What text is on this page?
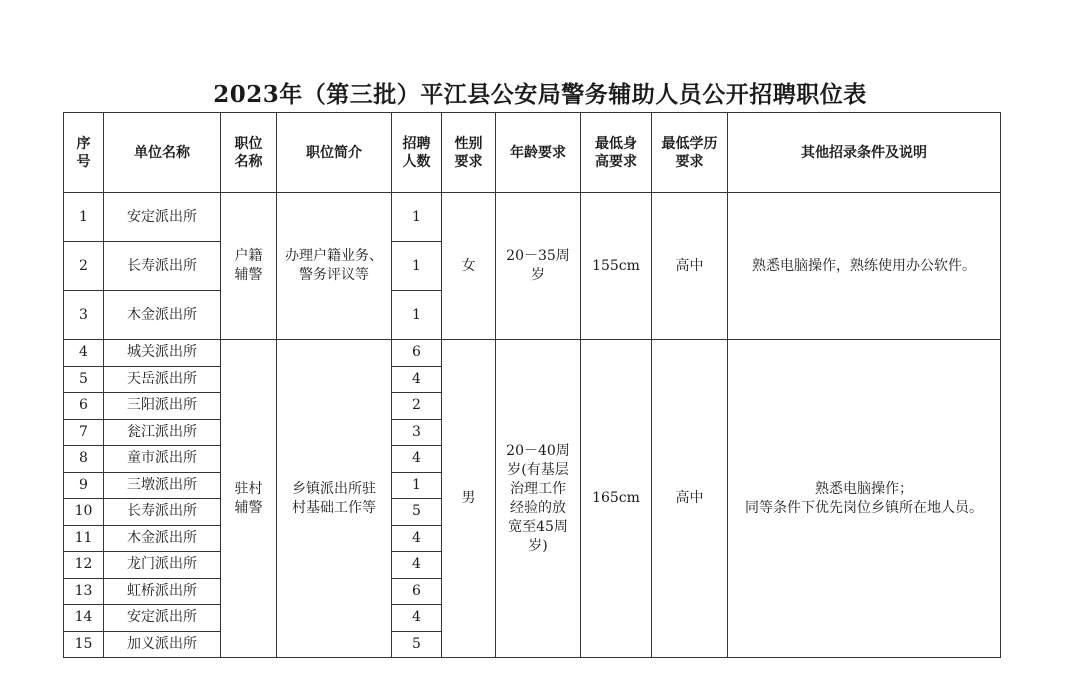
2023年（第三批）平江县公安局警务辅助人员公开招聘职位表
序号	单位名称	职位名称	职位简介	招聘人数	性别要求	年龄要求	最低身高要求	最低学历要求	其他招录条件及说明
1	安定派出所	户籍辅警	办理户籍业务、警务评议等	1	女	20－35周岁	155cm	高中	熟悉电脑操作，熟练使用办公软件。
2	长寿派出所			1					
3	木金派出所			1					
4	城关派出所	驻村辅警	乡镇派出所驻村基础工作等	6	男	20－40周岁(有基层治理工作经验的放宽至45周岁)	165cm	高中	熟悉电脑操作；
同等条件下优先岗位乡镇所在地人员。

5	天岳派出所			4					
6	三阳派出所			2					
7	瓮江派出所			3					
8	童市派出所			4					
9	三墩派出所			1					
10	长寿派出所			5					
11	木金派出所			4					
12	龙门派出所			4					
13	虹桥派出所			6					
14	安定派出所			4					
15	加义派出所			5					
